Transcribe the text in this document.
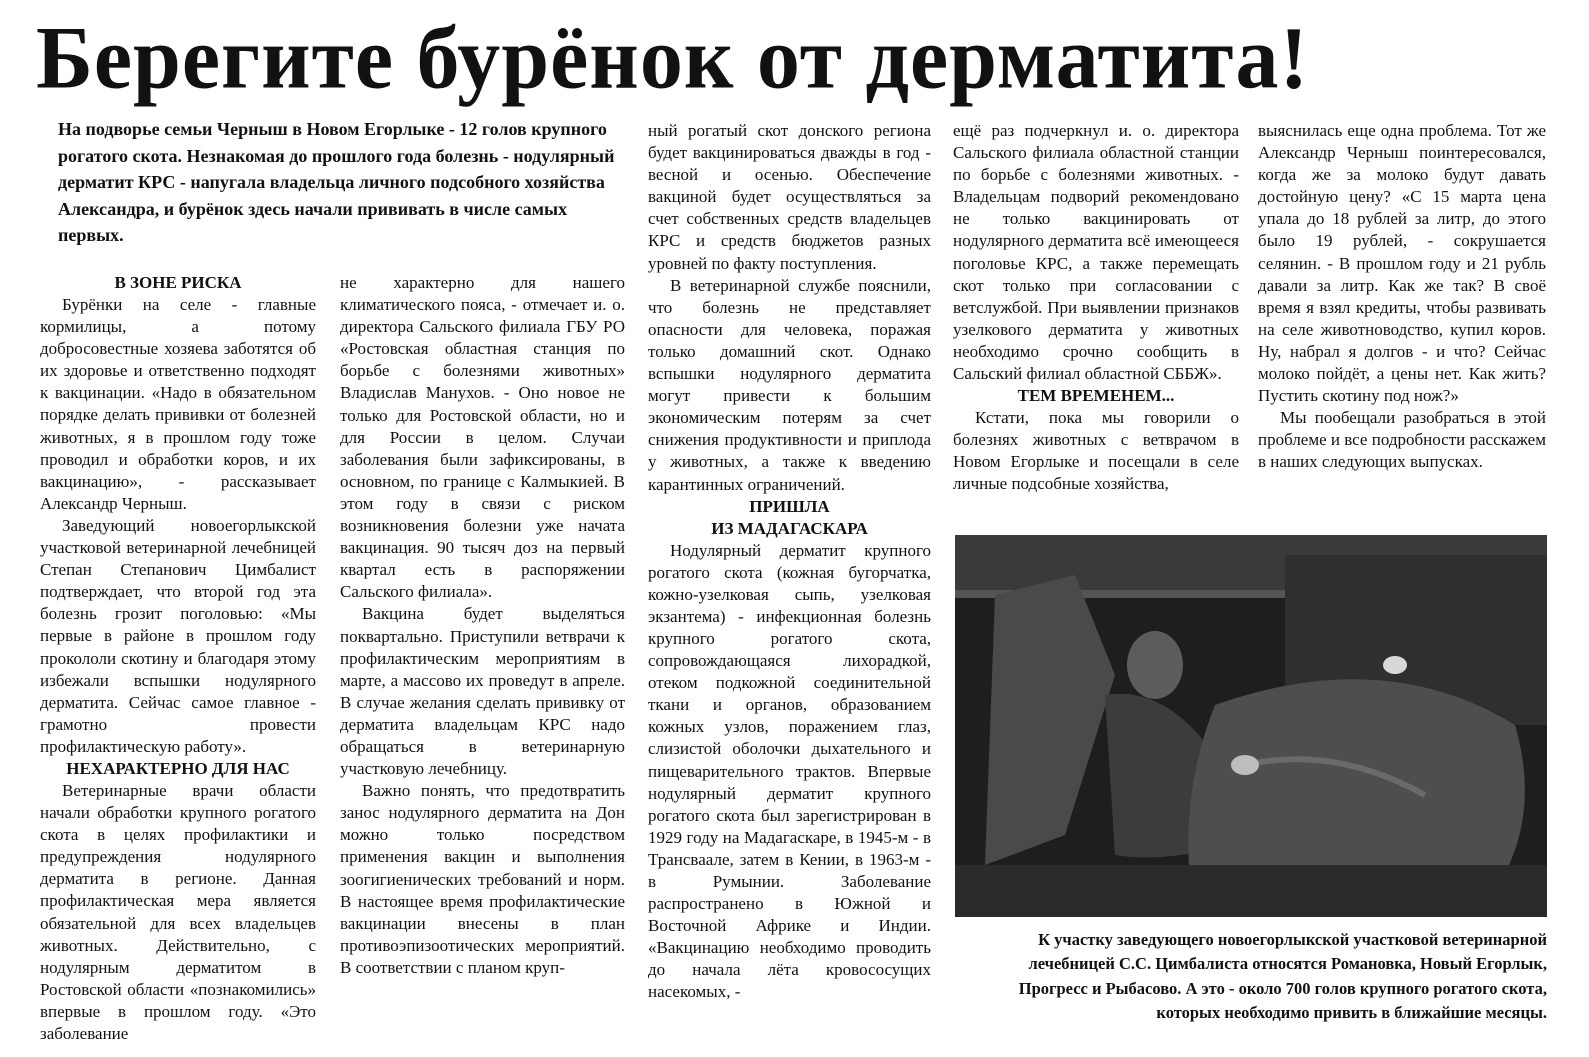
Берегите бурёнок от дерматита!

На подворье семьи Черныш в Новом Егорлыке - 12 голов крупного рогатого скота. Незнакомая до прошлого года болезнь - нодулярный дерматит КРС - напугала владельца личного подсобного хозяйства Александра, и бурёнок здесь начали прививать в числе самых первых.

В ЗОНЕ РИСКА

Бурёнки на селе - главные кормилицы, а потому добросовестные хозяева заботятся об их здоровье и ответственно подходят к вакцинации. «Надо в обязательном порядке делать прививки от болезней животных, я в прошлом году тоже проводил и обработки коров, и их вакцинацию», - рассказывает Александр Черныш.

Заведующий новоегорлыкской участковой ветеринарной лечебницей Степан Степанович Цимбалист подтверждает, что второй год эта болезнь грозит поголовью: «Мы первые в районе в прошлом году прокололи скотину и благодаря этому избежали вспышки нодулярного дерматита. Сейчас самое главное - грамотно провести профилактическую работу».

НЕХАРАКТЕРНО ДЛЯ НАС

Ветеринарные врачи области начали обработки крупного рогатого скота в целях профилактики и предупреждения нодулярного дерматита в регионе. Данная профилактическая мера является обязательной для всех владельцев животных. Действительно, с нодулярным дерматитом в Ростовской области «познакомились» впервые в прошлом году. «Это заболевание

не характерно для нашего климатического пояса, - отмечает и. о. директора Сальского филиала ГБУ РО «Ростовская областная станция по борьбе с болезнями животных» Владислав Манухов. - Оно новое не только для Ростовской области, но и для России в целом. Случаи заболевания были зафиксированы, в основном, по границе с Калмыкией. В этом году в связи с риском возникновения болезни уже начата вакцинация. 90 тысяч доз на первый квартал есть в распоряжении Сальского филиала».

Вакцина будет выделяться поквартально. Приступили ветврачи к профилактическим мероприятиям в марте, а массово их проведут в апреле. В случае желания сделать прививку от дерматита владельцам КРС надо обращаться в ветеринарную участковую лечебницу.

Важно понять, что предотвратить занос нодулярного дерматита на Дон можно только посредством применения вакцин и выполнения зоогигиенических требований и норм. В настоящее время профилактические вакцинации внесены в план противоэпизоотических мероприятий. В соответствии с планом круп-

ный рогатый скот донского региона будет вакцинироваться дважды в год - весной и осенью. Обеспечение вакциной будет осуществляться за счет собственных средств владельцев КРС и средств бюджетов разных уровней по факту поступления.

В ветеринарной службе пояснили, что болезнь не представляет опасности для человека, поражая только домашний скот. Однако вспышки нодулярного дерматита могут привести к большим экономическим потерям за счет снижения продуктивности и приплода у животных, а также к введению карантинных ограничений.

ПРИШЛА
ИЗ МАДАГАСКАРА

Нодулярный дерматит крупного рогатого скота (кожная бугорчатка, кожно-узелковая сыпь, узелковая экзантема) - инфекционная болезнь крупного рогатого скота, сопровождающаяся лихорадкой, отеком подкожной соединительной ткани и органов, образованием кожных узлов, поражением глаз, слизистой оболочки дыхательного и пищеварительного трактов. Впервые нодулярный дерматит крупного рогатого скота был зарегистрирован в 1929 году на Мадагаскаре, в 1945-м - в Трансваале, затем в Кении, в 1963-м - в Румынии. Заболевание распространено в Южной и Восточной Африке и Индии. «Вакцинацию необходимо проводить до начала лёта кровососущих насекомых, -

ещё раз подчеркнул и. о. директора Сальского филиала областной станции по борьбе с болезнями животных. - Владельцам подворий рекомендовано не только вакцинировать от нодулярного дерматита всё имеющееся поголовье КРС, а также перемещать скот только при согласовании с ветслужбой. При выявлении признаков узелкового дерматита у животных необходимо срочно сообщить в Сальский филиал областной СББЖ».

ТЕМ ВРЕМЕНЕМ...

Кстати, пока мы говорили о болезнях животных с ветврачом в Новом Егорлыке и посещали в селе личные подсобные хозяйства,

выяснилась еще одна проблема. Тот же Александр Черныш поинтересовался, когда же за молоко будут давать достойную цену? «С 15 марта цена упала до 18 рублей за литр, до этого было 19 рублей, - сокрушается селянин. - В прошлом году и 21 рубль давали за литр. Как же так? В своё время я взял кредиты, чтобы развивать на селе животноводство, купил коров. Ну, набрал я долгов - и что? Сейчас молоко пойдёт, а цены нет. Как жить? Пустить скотину под нож?»

Мы пообещали разобраться в этой проблеме и все подробности расскажем в наших следующих выпусках.

К участку заведующего новоегорлыкской участковой ветеринарной лечебницей С.С. Цимбалиста относятся Романовка, Новый Егорлык, Прогресс и Рыбасово. А это - около 700 голов крупного рогатого скота, которых необходимо привить в ближайшие месяцы.
